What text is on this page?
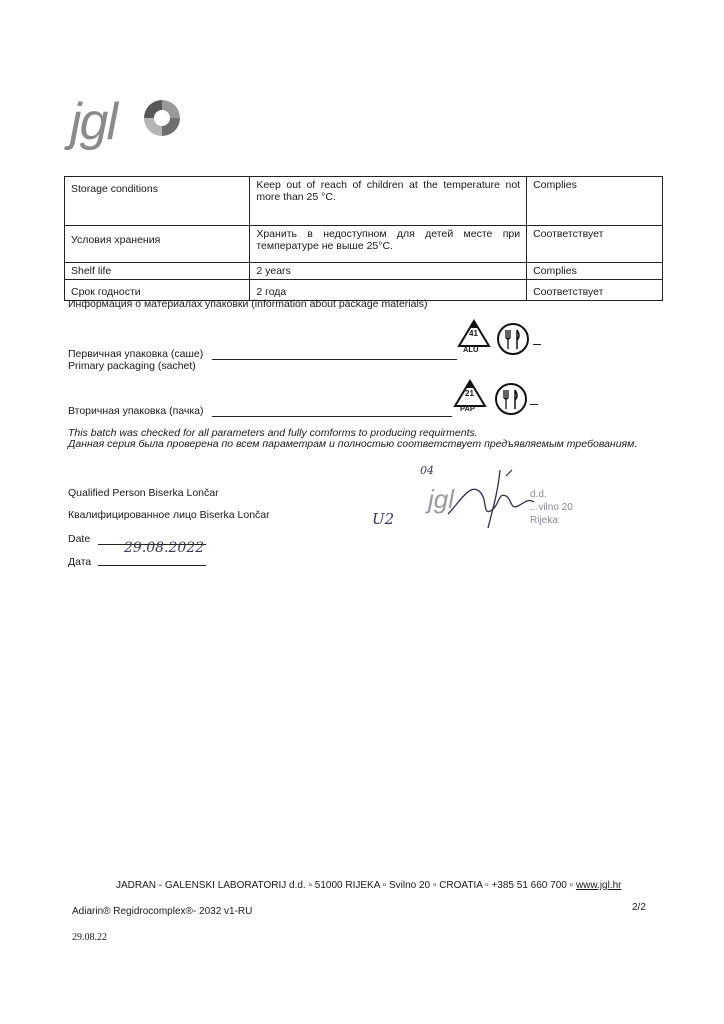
jgl
Storage conditions	Keep out of reach of children at the temperature not more than 25 °C.	Complies
Условия хранения	Хранить в недоступном для детей месте при температуре не выше 25°С.	Соответствует
Shelf life	2 years	Complies
Срок годности	2 года	Соответствует
Информация о материалах упаковки (information about package materials)
Первичная упаковка (саше)
Primary packaging (sachet)
41
ALU
Вторичная упаковка (пачка)
21
PAP
This batch was checked for all parameters and fully comforms to producing requirments.
Данная серия была проверена по всем параметрам и полностью соответствует предъявляемым требованиям.
Qualified Person Biserka Lončar
Квалифицированное лицо Biserka Lončar
Date
Дата
29.08.2022
U2
04
jgl	d.d.
...vilno 20
Rijeka
JADRAN - GALENSKI LABORATORIJ d.d. ▫ 51000 RIJEKA ▫ Svilno 20 ▫ CROATIA ▫ +385 51 660 700 ▫ www.jgl.hr
Adiarin® Regidrocomplex®- 2032 v1-RU	2/2
29.08.22
